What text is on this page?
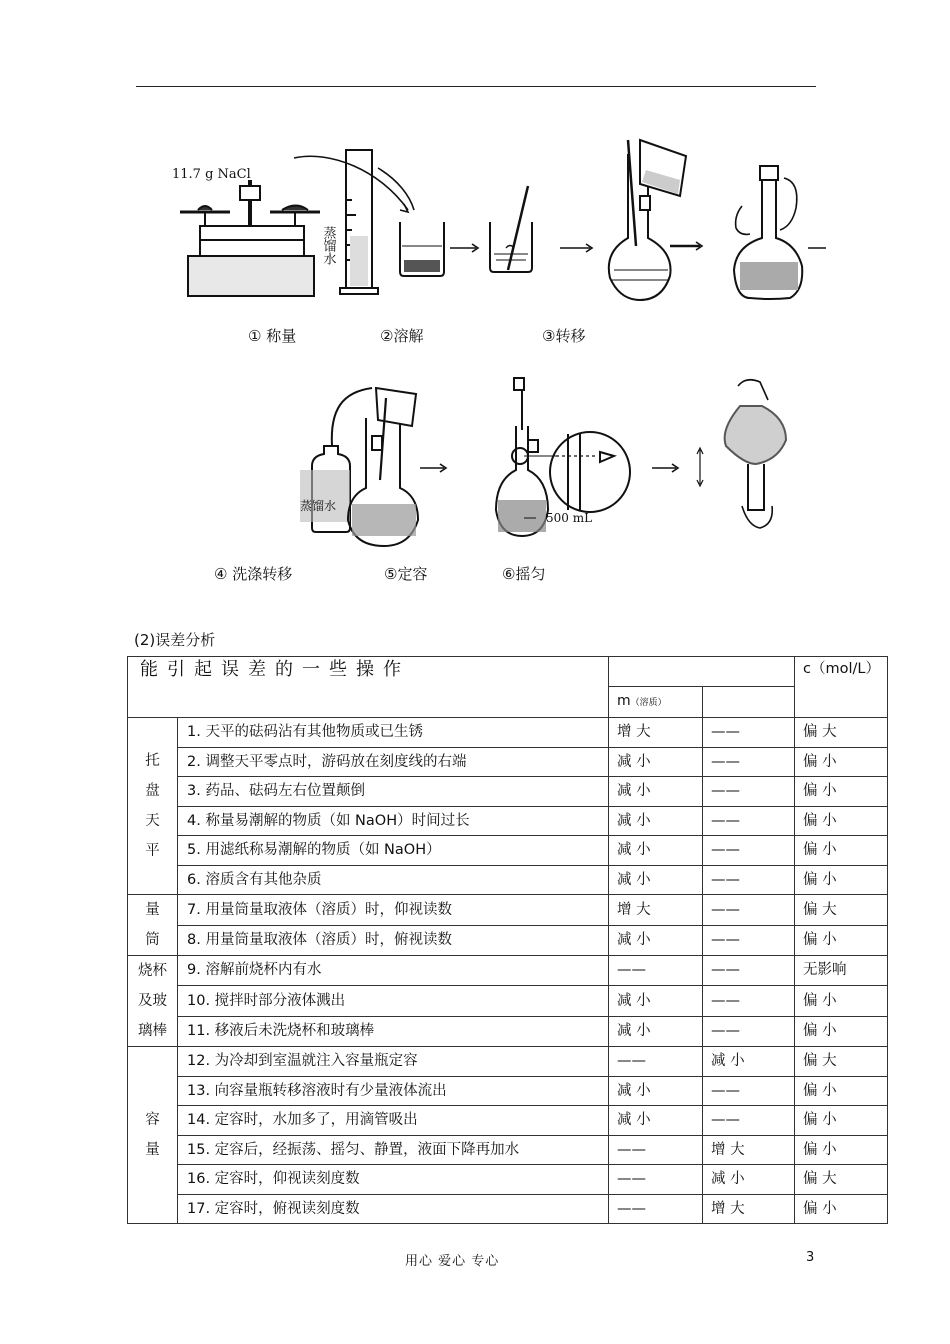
11.7 g NaCl
蒸馏水
蒸馏水
500 mL
① 称量	②溶解	③转移
④ 洗涤转移	⑤定容	⑥摇匀
(2)误差分析
能引起误差的一些操作				c（mol/L）
		m（溶质）		
托
盘
天
平	1. 天平的砝码沾有其他物质或已生锈	增 大	——	偏 大
	2. 调整天平零点时，游码放在刻度线的右端	减 小	——	偏 小
	3. 药品、砝码左右位置颠倒	减 小	——	偏 小
	4. 称量易潮解的物质（如 NaOH）时间过长	减 小	——	偏 小
	5. 用滤纸称易潮解的物质（如 NaOH）	减 小	——	偏 小
	6. 溶质含有其他杂质	减 小	——	偏 小
量
筒	7. 用量筒量取液体（溶质）时，仰视读数	增 大	——	偏 大
	8. 用量筒量取液体（溶质）时，俯视读数	减 小	——	偏 小
烧杯
及玻
璃棒	9. 溶解前烧杯内有水	——	——	无影响
	10. 搅拌时部分液体溅出	减 小	——	偏 小
	11. 移液后未洗烧杯和玻璃棒	减 小	——	偏 小
容
量	12. 为冷却到室温就注入容量瓶定容	——	减 小	偏 大
	13. 向容量瓶转移溶液时有少量液体流出	减 小	——	偏 小
	14. 定容时，水加多了，用滴管吸出	减 小	——	偏 小
	15. 定容后，经振荡、摇匀、静置，液面下降再加水	——	增 大	偏 小
	16. 定容时，仰视读刻度数	——	减 小	偏 大
	17. 定容时，俯视读刻度数	——	增 大	偏 小
用心 爱心 专心	3
